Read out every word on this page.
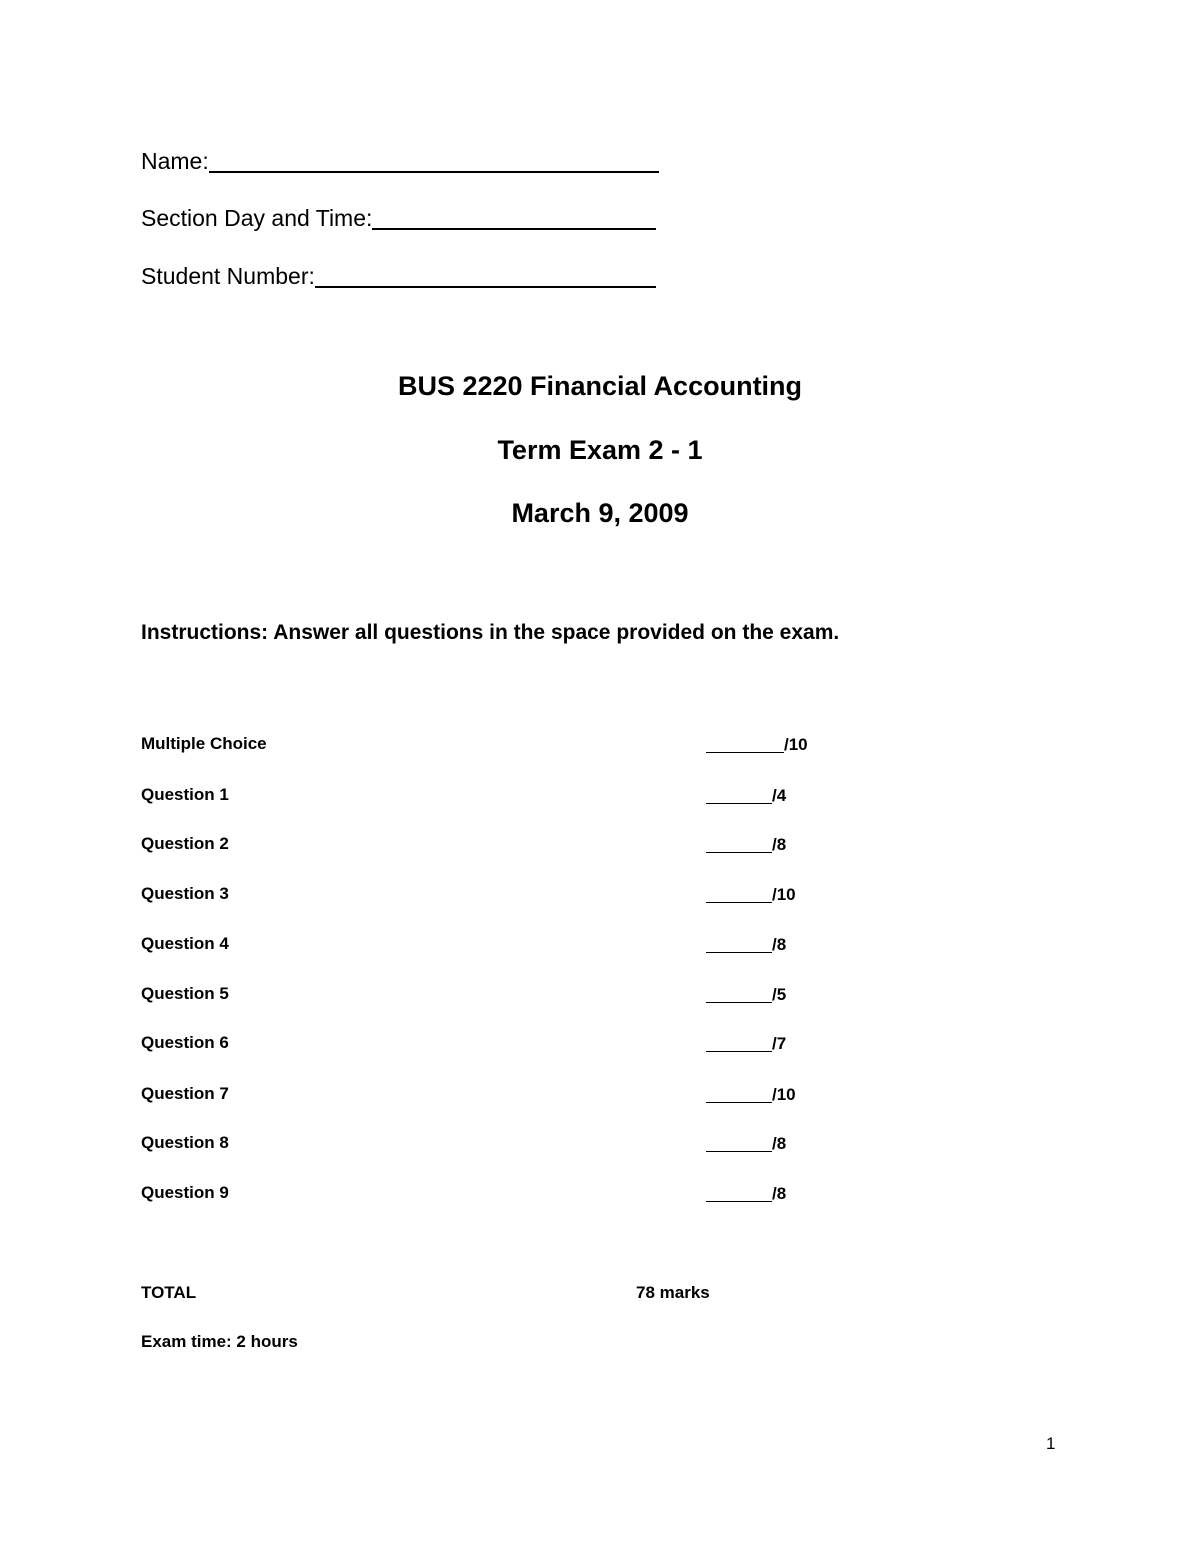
Name:
Section Day and Time:
Student Number:
BUS 2220 Financial Accounting
Term Exam 2 - 1
March 9, 2009
Instructions: Answer all questions in the space provided on the exam.
Multiple Choice	/10
Question 1	/4
Question 2	/8
Question 3	/10
Question 4	/8
Question 5	/5
Question 6	/7
Question 7	/10
Question 8	/8
Question 9	/8
TOTAL	78 marks
Exam time: 2 hours
1
